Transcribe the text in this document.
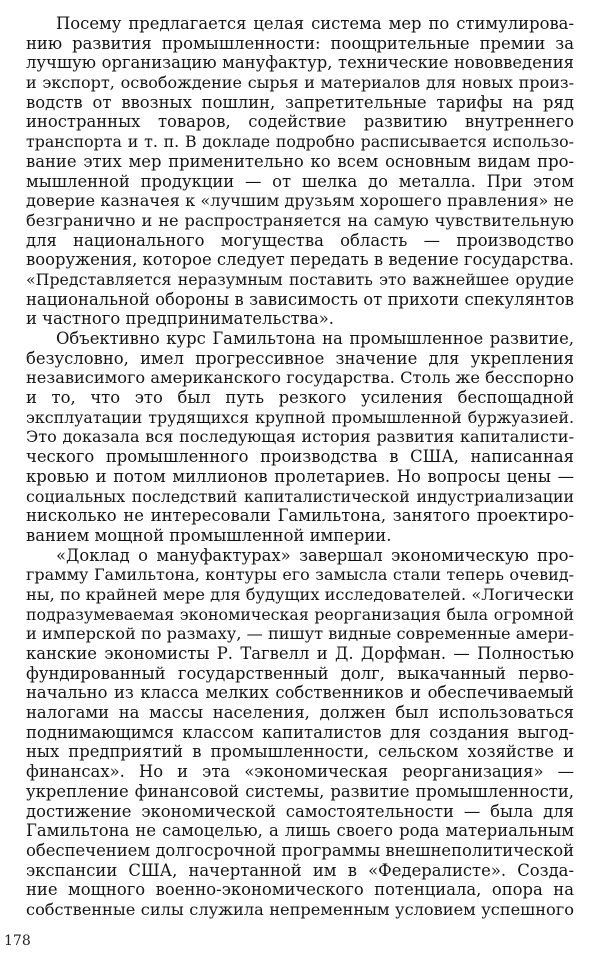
Посему предлагается целая система мер по стимулирова-
нию развития промышленности: поощрительные премии за
лучшую организацию мануфактур, технические нововведения
и экспорт, освобождение сырья и материалов для новых произ-
водств от ввозных пошлин, запретительные тарифы на ряд
иностранных товаров, содействие развитию внутреннего
транспорта и т. п. В докладе подробно расписывается использо-
вание этих мер применительно ко всем основным видам про-
мышленной продукции — от шелка до металла. При этом
доверие казначея к «лучшим друзьям хорошего правления» не
безгранично и не распространяется на самую чувствительную
для национального могущества область — производство
вооружения, которое следует передать в ведение государства.
«Представляется неразумным поставить это важнейшее орудие
национальной обороны в зависимость от прихоти спекулянтов
и частного предпринимательства».
Объективно курс Гамильтона на промышленное развитие,
безусловно, имел прогрессивное значение для укрепления
независимого американского государства. Столь же бесспорно
и то, что это был путь резкого усиления беспощадной
эксплуатации трудящихся крупной промышленной буржуазией.
Это доказала вся последующая история развития капиталисти-
ческого промышленного производства в США, написанная
кровью и потом миллионов пролетариев. Но вопросы цены —
социальных последствий капиталистической индустриализации
нисколько не интересовали Гамильтона, занятого проектиро-
ванием мощной промышленной империи.
«Доклад о мануфактурах» завершал экономическую про-
грамму Гамильтона, контуры его замысла стали теперь очевид-
ны, по крайней мере для будущих исследователей. «Логически
подразумеваемая экономическая реорганизация была огромной
и имперской по размаху, — пишут видные современные амери-
канские экономисты Р. Тагвелл и Д. Дорфман. — Полностью
фундированный государственный долг, выкачанный перво-
начально из класса мелких собственников и обеспечиваемый
налогами на массы населения, должен был использоваться
поднимающимся классом капиталистов для создания выгод-
ных предприятий в промышленности, сельском хозяйстве и
финансах». Но и эта «экономическая реорганизация» —
укрепление финансовой системы, развитие промышленности,
достижение экономической самостоятельности — была для
Гамильтона не самоцелью, а лишь своего рода материальным
обеспечением долгосрочной программы внешнеполитической
экспансии США, начертанной им в «Федералисте». Созда-
ние мощного военно-экономического потенциала, опора на
собственные силы служила непременным условием успешного
178
